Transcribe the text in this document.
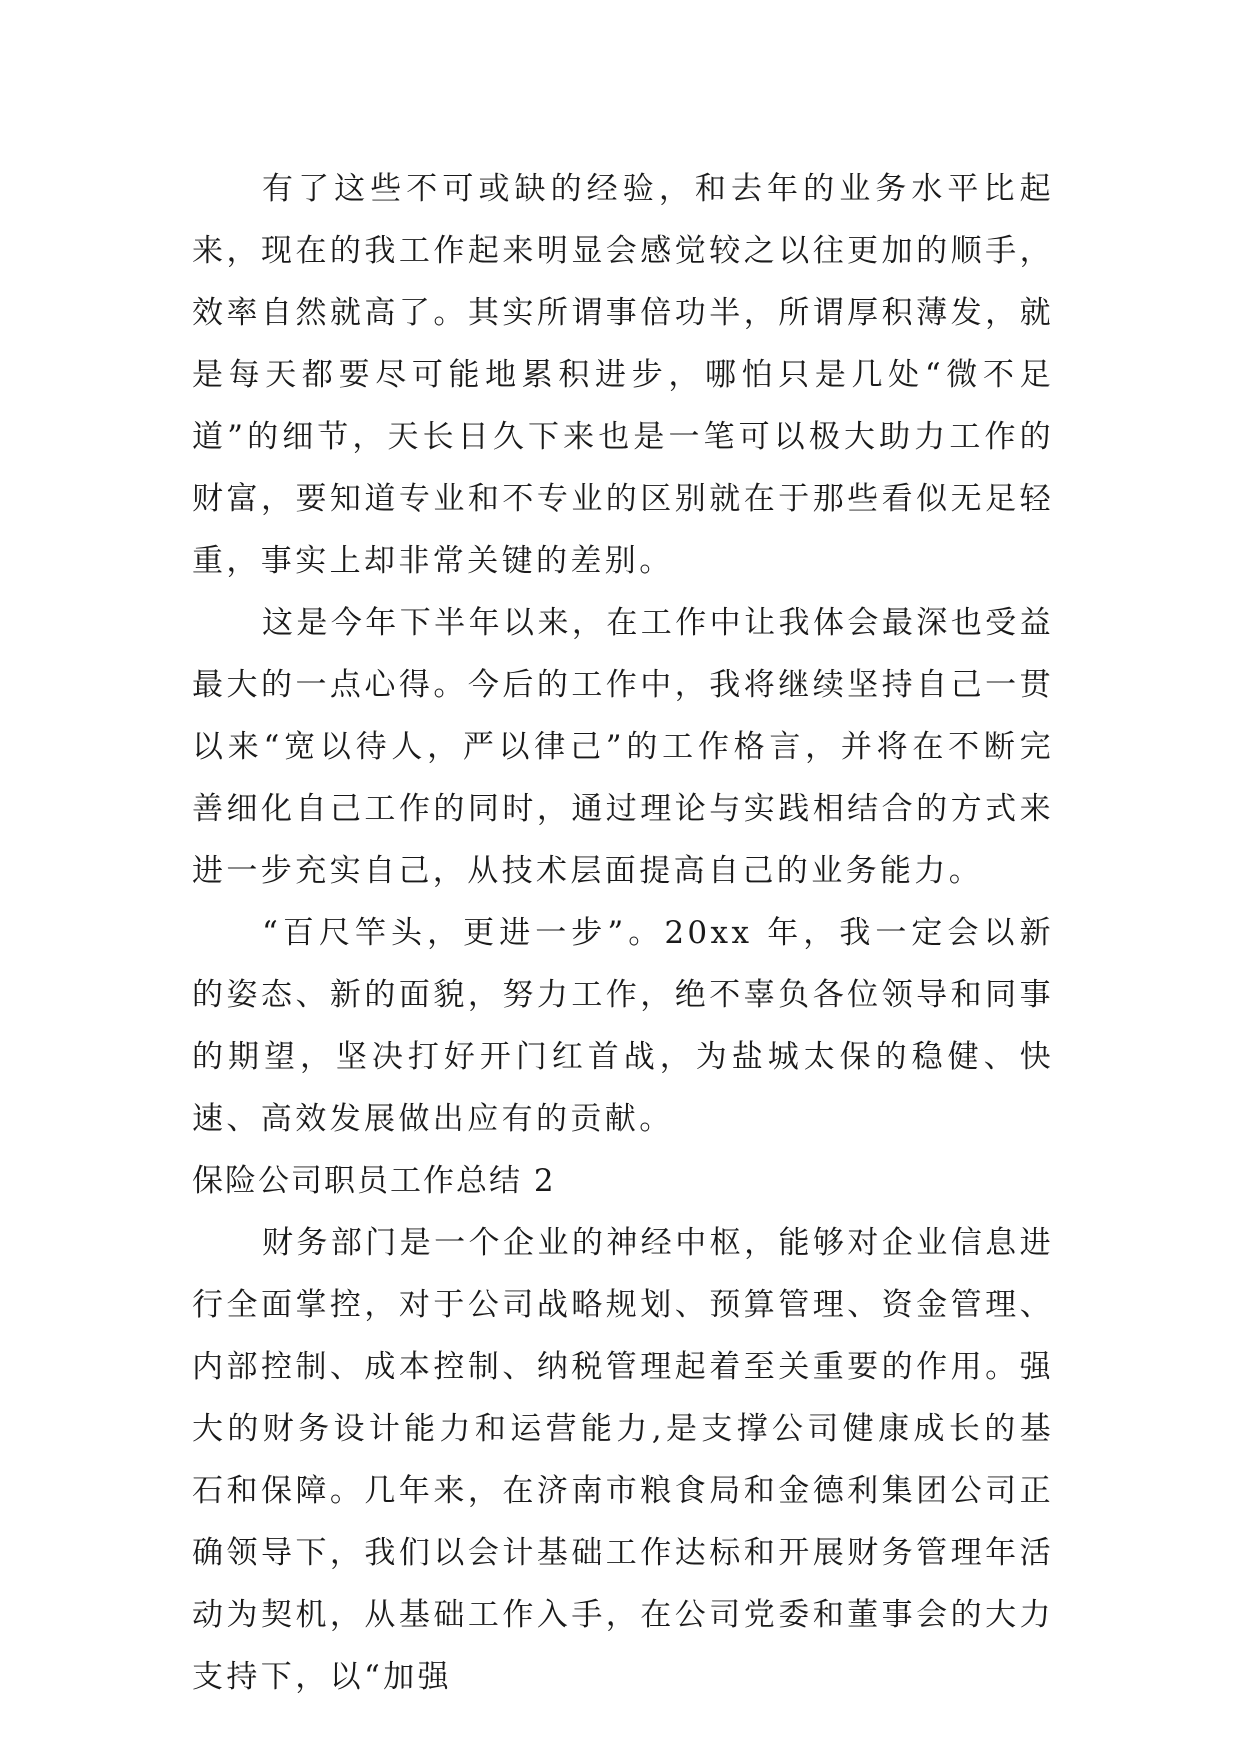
有了这些不可或缺的经验，和去年的业务水平比起来，现在的我工作起来明显会感觉较之以往更加的顺手，效率自然就高了。其实所谓事倍功半，所谓厚积薄发，就是每天都要尽可能地累积进步，哪怕只是几处“微不足道”的细节，天长日久下来也是一笔可以极大助力工作的财富，要知道专业和不专业的区别就在于那些看似无足轻重，事实上却非常关键的差别。

这是今年下半年以来，在工作中让我体会最深也受益最大的一点心得。今后的工作中，我将继续坚持自己一贯以来“宽以待人，严以律己”的工作格言，并将在不断完善细化自己工作的同时，通过理论与实践相结合的方式来进一步充实自己，从技术层面提高自己的业务能力。

“百尺竿头，更进一步”。20xx 年，我一定会以新的姿态、新的面貌，努力工作，绝不辜负各位领导和同事的期望，坚决打好开门红首战，为盐城太保的稳健、快速、高效发展做出应有的贡献。

保险公司职员工作总结 2

财务部门是一个企业的神经中枢，能够对企业信息进行全面掌控，对于公司战略规划、预算管理、资金管理、内部控制、成本控制、纳税管理起着至关重要的作用。强大的财务设计能力和运营能力,是支撑公司健康成长的基石和保障。几年来，在济南市粮食局和金德利集团公司正确领导下，我们以会计基础工作达标和开展财务管理年活动为契机，从基础工作入手，在公司党委和董事会的大力支持下，以“加强
